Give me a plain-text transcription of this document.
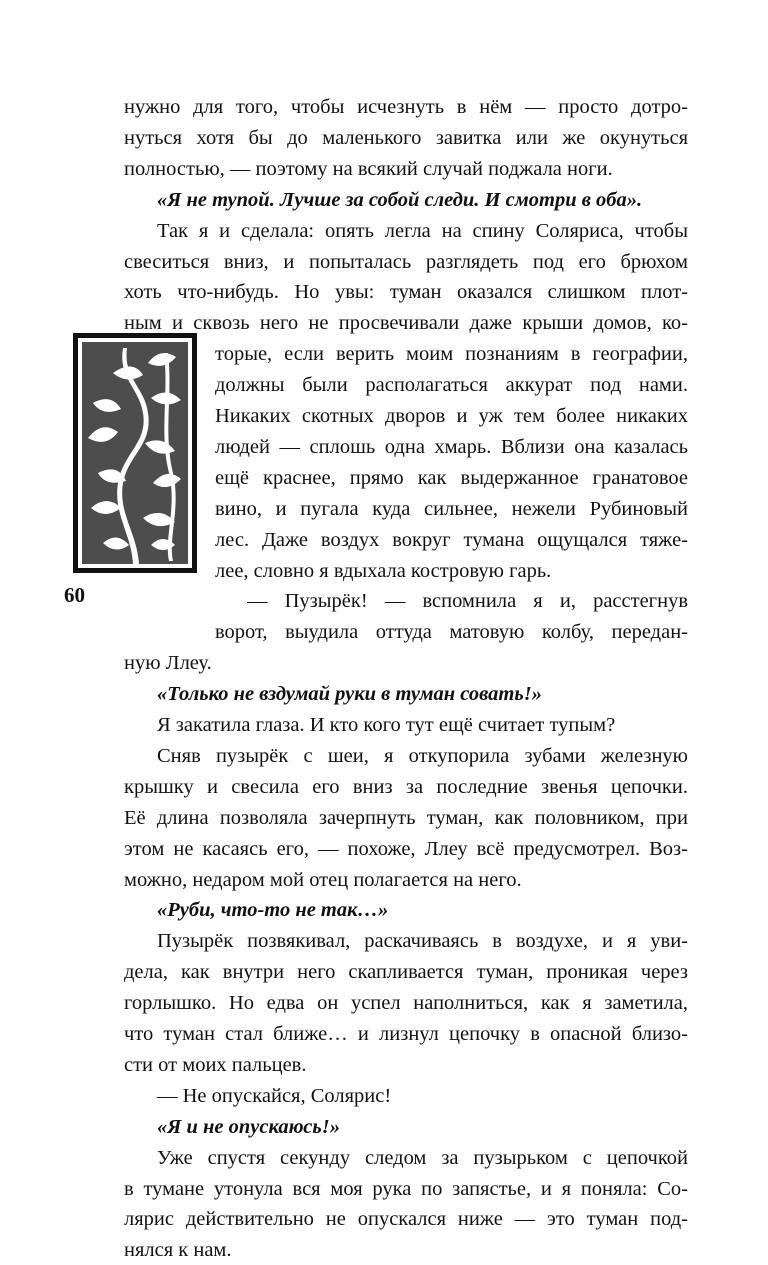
60
нужно для того, чтобы исчезнуть в нём — просто дотро-
нуться хотя бы до маленького завитка или же окунуться
полностью, — поэтому на всякий случай поджала ноги.
«Я не тупой. Лучше за собой следи. И смотри в оба».
Так я и сделала: опять легла на спину Соляриса, чтобы
свеситься вниз, и попыталась разглядеть под его брюхом
хоть что-нибудь. Но увы: туман оказался слишком плот-
ным и сквозь него не просвечивали даже крыши домов, ко-
торые, если верить моим познаниям в географии,
должны были располагаться аккурат под нами.
Никаких скотных дворов и уж тем более никаких
людей — сплошь одна хмарь. Вблизи она казалась
ещё краснее, прямо как выдержанное гранатовое
вино, и пугала куда сильнее, нежели Рубиновый
лес. Даже воздух вокруг тумана ощущался тяже-
лее, словно я вдыхала костровую гарь.
— Пузырёк! — вспомнила я и, расстегнув
ворот, выудила оттуда матовую колбу, передан-
ную Ллеу.
«Только не вздумай руки в туман совать!»
Я закатила глаза. И кто кого тут ещё считает тупым?
Сняв пузырёк с шеи, я откупорила зубами железную
крышку и свесила его вниз за последние звенья цепочки.
Её длина позволяла зачерпнуть туман, как половником, при
этом не касаясь его, — похоже, Ллеу всё предусмотрел. Воз-
можно, недаром мой отец полагается на него.
«Руби, что-то не так…»
Пузырёк позвякивал, раскачиваясь в воздухе, и я уви-
дела, как внутри него скапливается туман, проникая через
горлышко. Но едва он успел наполниться, как я заметила,
что туман стал ближе… и лизнул цепочку в опасной близо-
сти от моих пальцев.
— Не опускайся, Солярис!
«Я и не опускаюсь!»
Уже спустя секунду следом за пузырьком с цепочкой
в тумане утонула вся моя рука по запястье, и я поняла: Со-
лярис действительно не опускался ниже — это туман под-
нялся к нам.
